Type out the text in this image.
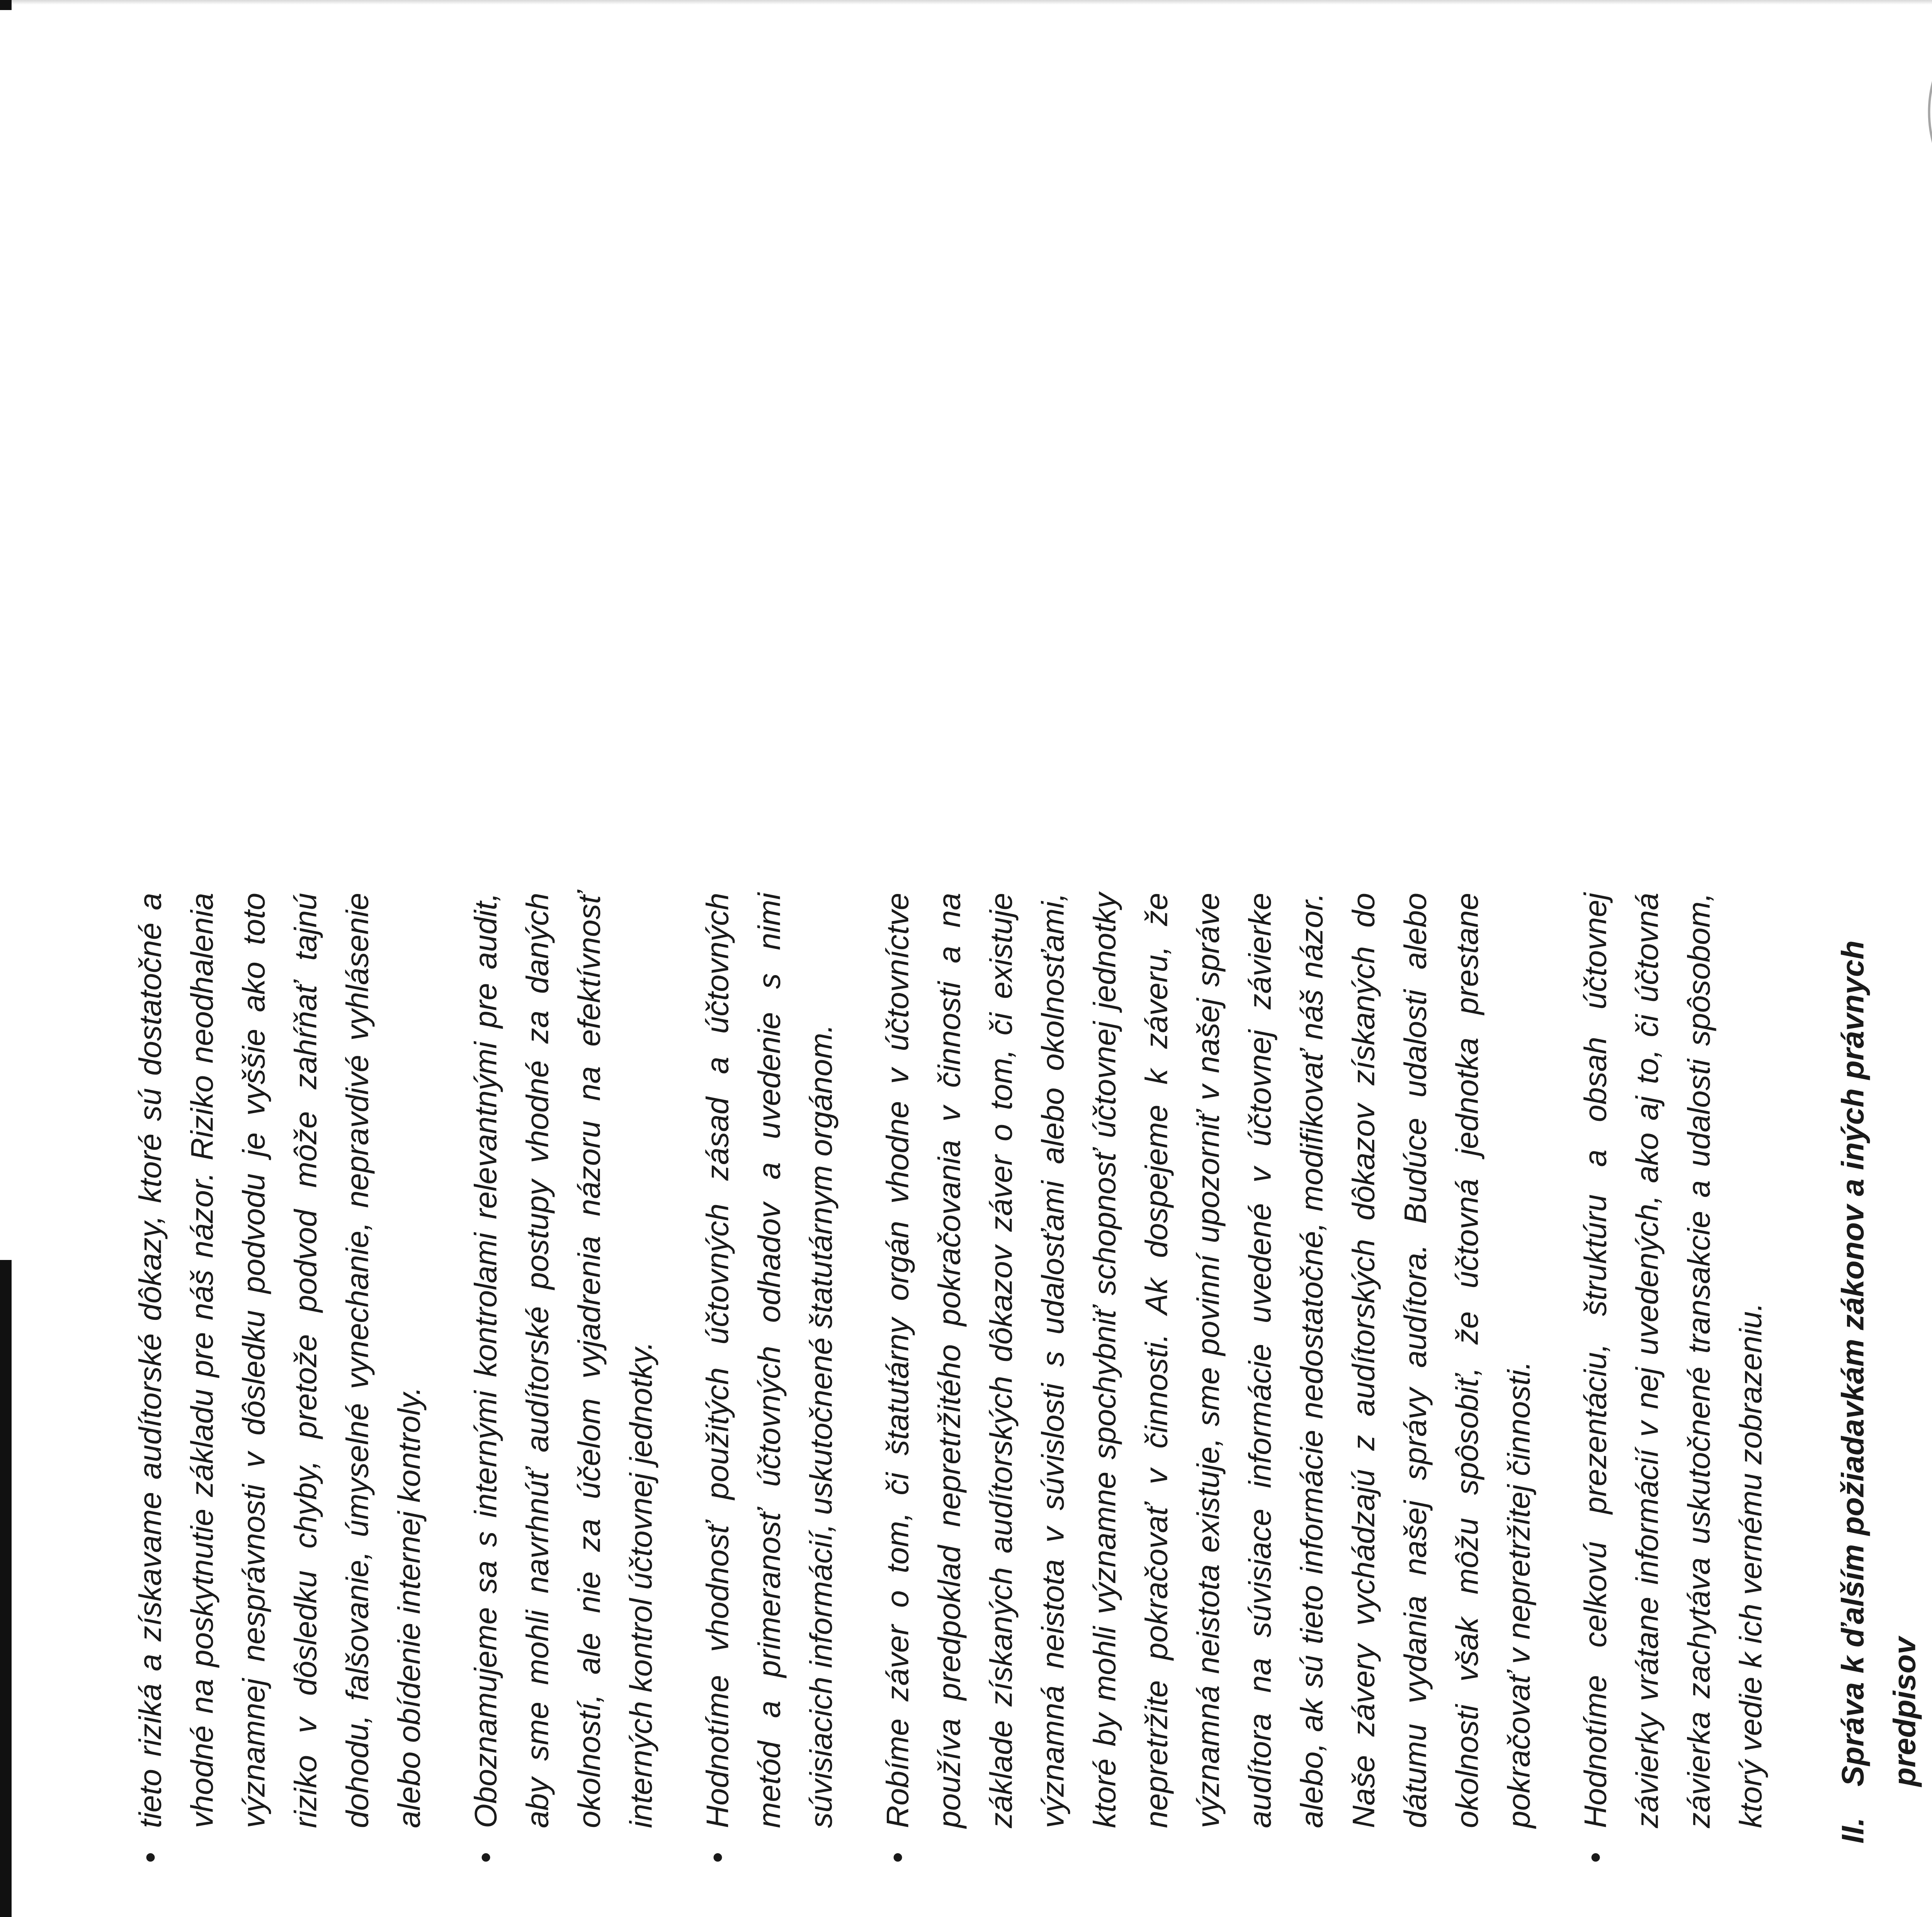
•
tieto riziká a získavame audítorské dôkazy, ktoré sú dostatočné a vhodné na poskytnutie základu pre náš názor. Riziko neodhalenia významnej nesprávnosti v dôsledku podvodu je vyššie ako toto riziko v dôsledku chyby, pretože podvod môže zahŕňať tajnú dohodu, falšovanie, úmyselné vynechanie, nepravdivé vyhlásenie alebo obídenie internej kontroly.

•
Oboznamujeme sa s internými kontrolami relevantnými pre audit, aby sme mohli navrhnúť audítorské postupy vhodné za daných okolností, ale nie za účelom vyjadrenia názoru na efektívnosť interných kontrol účtovnej jednotky.

•
Hodnotíme vhodnosť použitých účtovných zásad a účtovných metód a primeranosť účtovných odhadov a uvedenie s nimi súvisiacich informácií, uskutočnené štatutárnym orgánom.

•
Robíme záver o tom, či štatutárny orgán vhodne v účtovníctve používa predpoklad nepretržitého pokračovania v činnosti a na základe získaných audítorských dôkazov záver o tom, či existuje významná neistota v súvislosti s udalosťami alebo okolnosťami, ktoré by mohli významne spochybniť schopnosť účtovnej jednotky nepretržite pokračovať v činnosti. Ak dospejeme k záveru, že významná neistota existuje, sme povinní upozorniť v našej správe audítora na súvisiace informácie uvedené v účtovnej závierke alebo, ak sú tieto informácie nedostatočné, modifikovať náš názor. Naše závery vychádzajú z audítorských dôkazov získaných do dátumu vydania našej správy audítora. Budúce udalosti alebo okolnosti však môžu spôsobiť, že účtovná jednotka prestane pokračovať v nepretržitej činnosti.

•
Hodnotíme celkovú prezentáciu, štruktúru a obsah účtovnej závierky vrátane informácií v nej uvedených, ako aj to, či účtovná závierka zachytáva uskutočnené transakcie a udalosti spôsobom, ktorý vedie k ich vernému zobrazeniu.

II.
Správa k ďalším požiadavkám zákonov a iných právnych predpisov
